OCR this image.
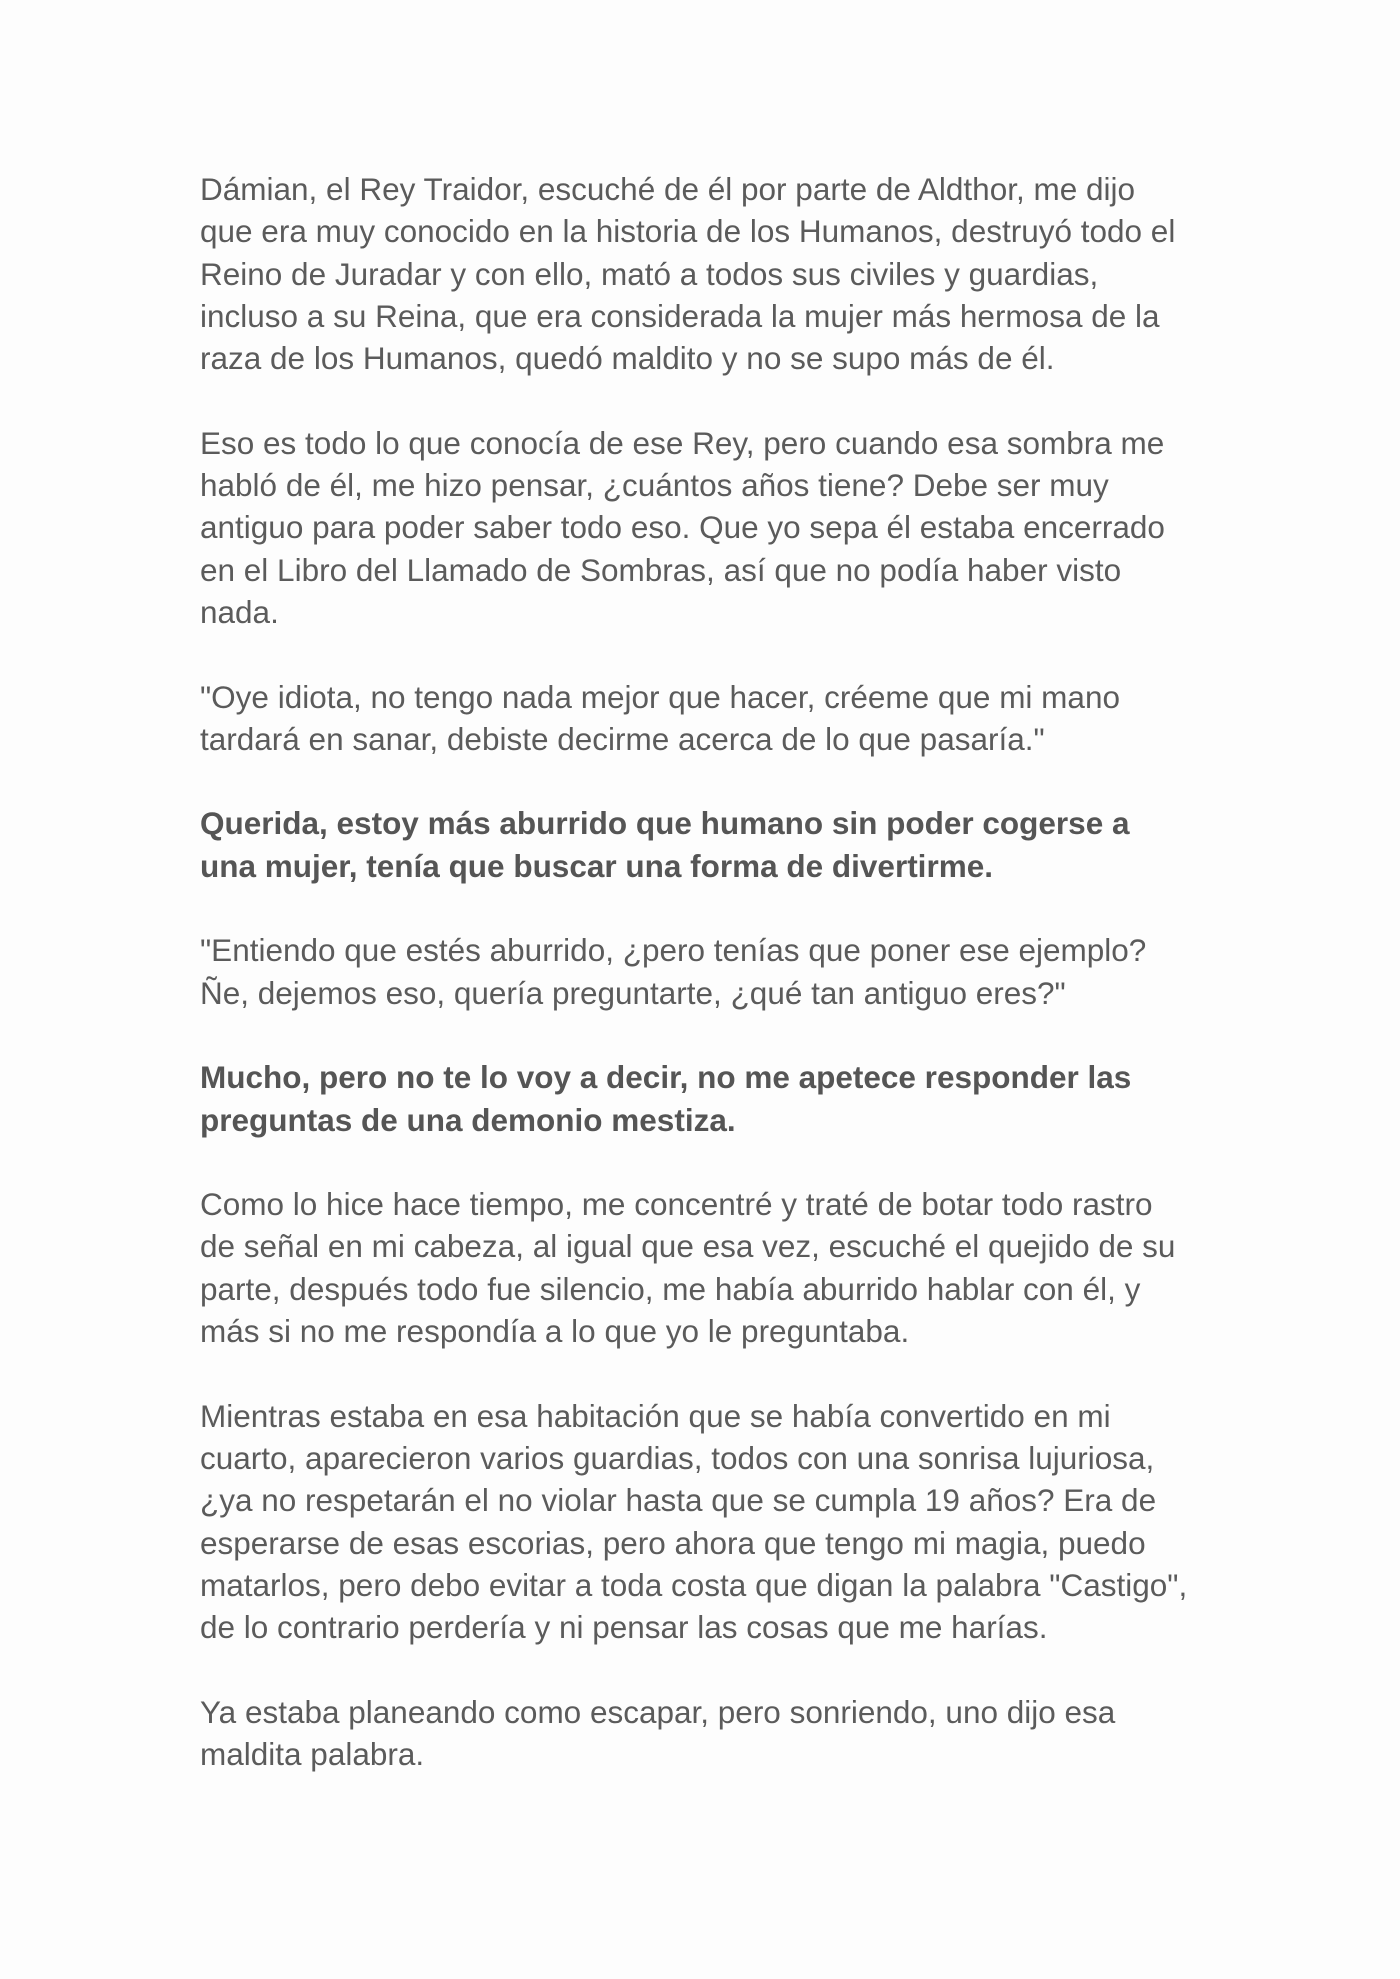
Dámian, el Rey Traidor, escuché de él por parte de Aldthor, me dijo
que era muy conocido en la historia de los Humanos, destruyó todo el
Reino de Juradar y con ello, mató a todos sus civiles y guardias,
incluso a su Reina, que era considerada la mujer más hermosa de la
raza de los Humanos, quedó maldito y no se supo más de él.

Eso es todo lo que conocía de ese Rey, pero cuando esa sombra me
habló de él, me hizo pensar, ¿cuántos años tiene? Debe ser muy
antiguo para poder saber todo eso. Que yo sepa él estaba encerrado
en el Libro del Llamado de Sombras, así que no podía haber visto
nada.

"Oye idiota, no tengo nada mejor que hacer, créeme que mi mano
tardará en sanar, debiste decirme acerca de lo que pasaría."

Querida, estoy más aburrido que humano sin poder cogerse a
una mujer, tenía que buscar una forma de divertirme.

"Entiendo que estés aburrido, ¿pero tenías que poner ese ejemplo?
Ñe, dejemos eso, quería preguntarte, ¿qué tan antiguo eres?"

Mucho, pero no te lo voy a decir, no me apetece responder las
preguntas de una demonio mestiza.

Como lo hice hace tiempo, me concentré y traté de botar todo rastro
de señal en mi cabeza, al igual que esa vez, escuché el quejido de su
parte, después todo fue silencio, me había aburrido hablar con él, y
más si no me respondía a lo que yo le preguntaba.

Mientras estaba en esa habitación que se había convertido en mi
cuarto, aparecieron varios guardias, todos con una sonrisa lujuriosa,
¿ya no respetarán el no violar hasta que se cumpla 19 años? Era de
esperarse de esas escorias, pero ahora que tengo mi magia, puedo
matarlos, pero debo evitar a toda costa que digan la palabra "Castigo",
de lo contrario perdería y ni pensar las cosas que me harías.

Ya estaba planeando como escapar, pero sonriendo, uno dijo esa
maldita palabra.
